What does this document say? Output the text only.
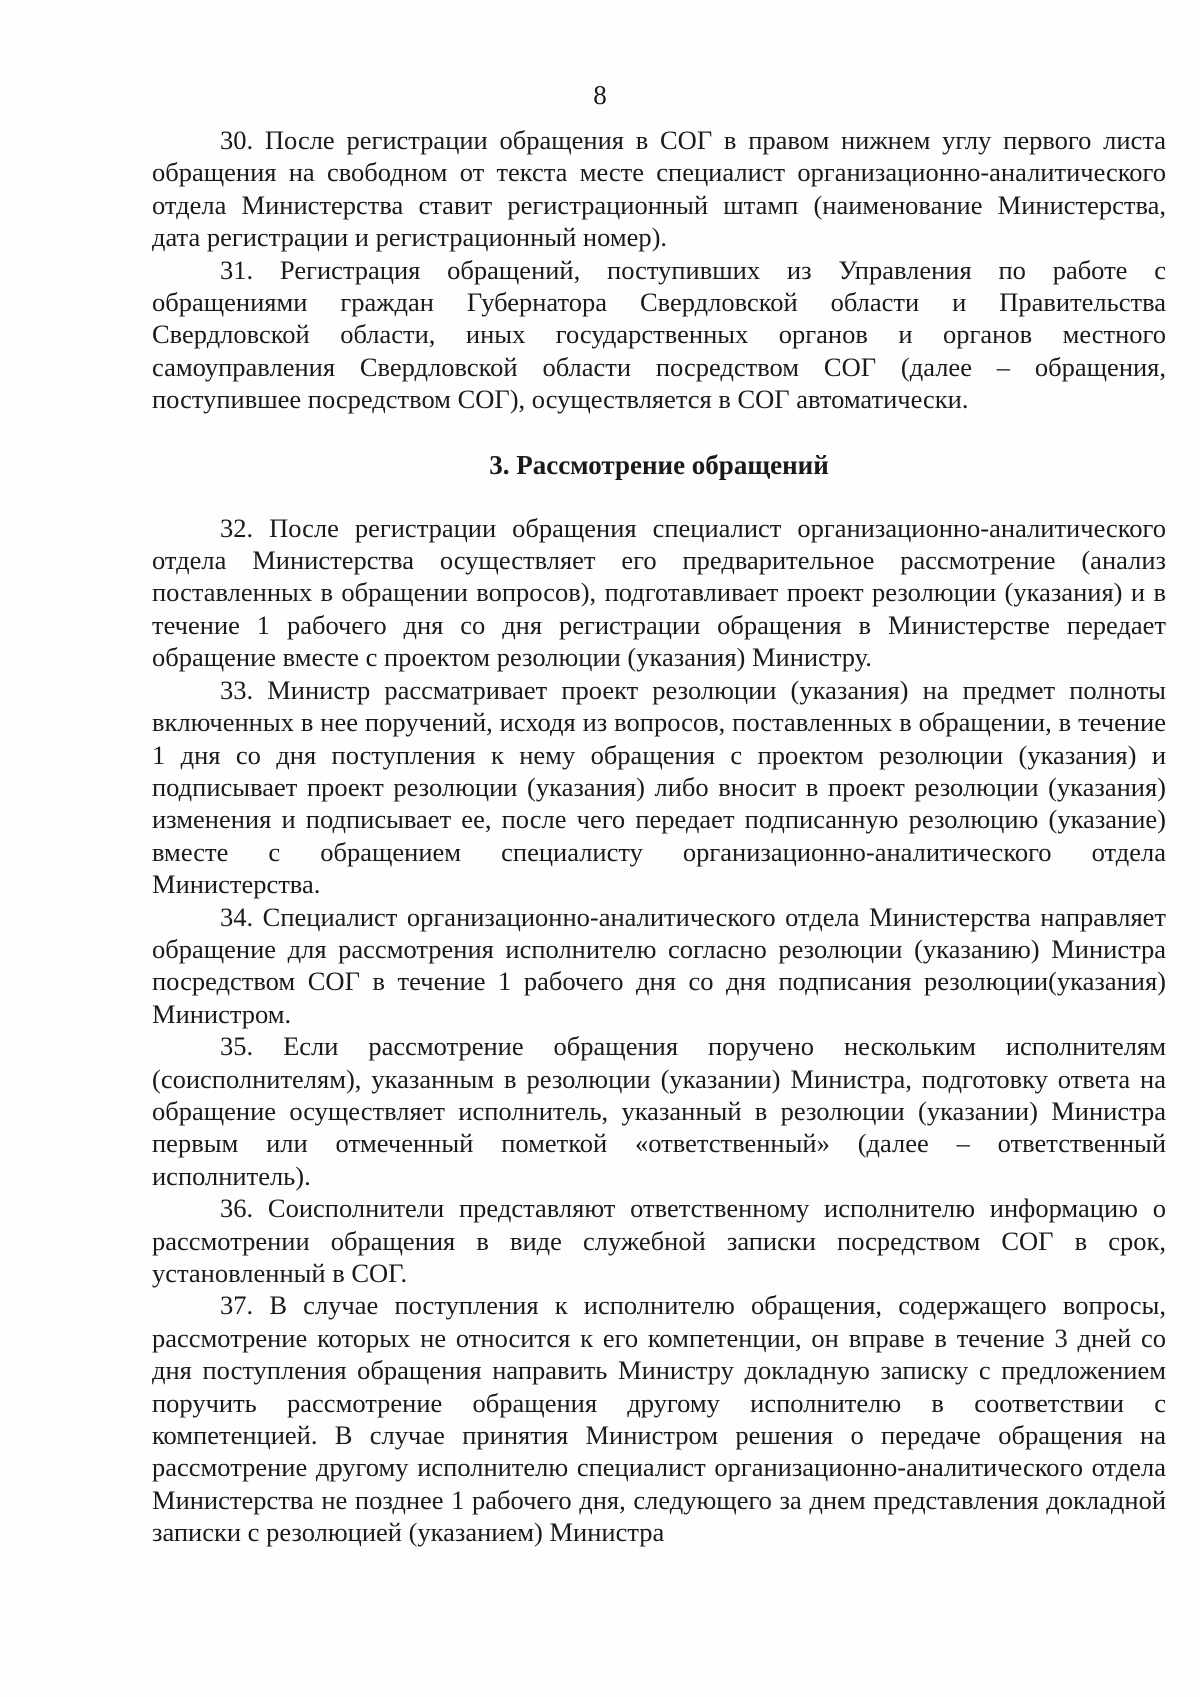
8

30. После регистрации обращения в СОГ в правом нижнем углу первого листа обращения на свободном от текста месте специалист организационно-аналитического отдела Министерства ставит регистрационный штамп (наименование Министерства, дата регистрации и регистрационный номер).

31. Регистрация обращений, поступивших из Управления по работе с обращениями граждан Губернатора Свердловской области и Правительства Свердловской области, иных государственных органов и органов местного самоуправления Свердловской области посредством СОГ (далее – обращения, поступившее посредством СОГ), осуществляется в СОГ автоматически.

3. Рассмотрение обращений

32. После регистрации обращения специалист организационно-аналитического отдела Министерства осуществляет его предварительное рассмотрение (анализ поставленных в обращении вопросов), подготавливает проект резолюции (указания) и в течение 1 рабочего дня со дня регистрации обращения в Министерстве передает обращение вместе с проектом резолюции (указания) Министру.

33. Министр рассматривает проект резолюции (указания) на предмет полноты включенных в нее поручений, исходя из вопросов, поставленных в обращении, в течение 1 дня со дня поступления к нему обращения с проектом резолюции (указания) и подписывает проект резолюции (указания) либо вносит в проект резолюции (указания) изменения и подписывает ее, после чего передает подписанную резолюцию (указание) вместе с обращением специалисту организационно-аналитического отдела Министерства.

34. Специалист организационно-аналитического отдела Министерства направляет обращение для рассмотрения исполнителю согласно резолюции (указанию) Министра посредством СОГ в течение 1 рабочего дня со дня подписания резолюции(указания) Министром.

35. Если рассмотрение обращения поручено нескольким исполнителям (соисполнителям), указанным в резолюции (указании) Министра, подготовку ответа на обращение осуществляет исполнитель, указанный в резолюции (указании) Министра первым или отмеченный пометкой «ответственный» (далее – ответственный исполнитель).

36. Соисполнители представляют ответственному исполнителю информацию о рассмотрении обращения в виде служебной записки посредством СОГ в срок, установленный в СОГ.

37. В случае поступления к исполнителю обращения, содержащего вопросы, рассмотрение которых не относится к его компетенции, он вправе в течение 3 дней со дня поступления обращения направить Министру докладную записку с предложением поручить рассмотрение обращения другому исполнителю в соответствии с компетенцией. В случае принятия Министром решения о передаче обращения на рассмотрение другому исполнителю специалист организационно-аналитического отдела Министерства не позднее 1 рабочего дня, следующего за днем представления докладной записки с резолюцией (указанием) Министра
